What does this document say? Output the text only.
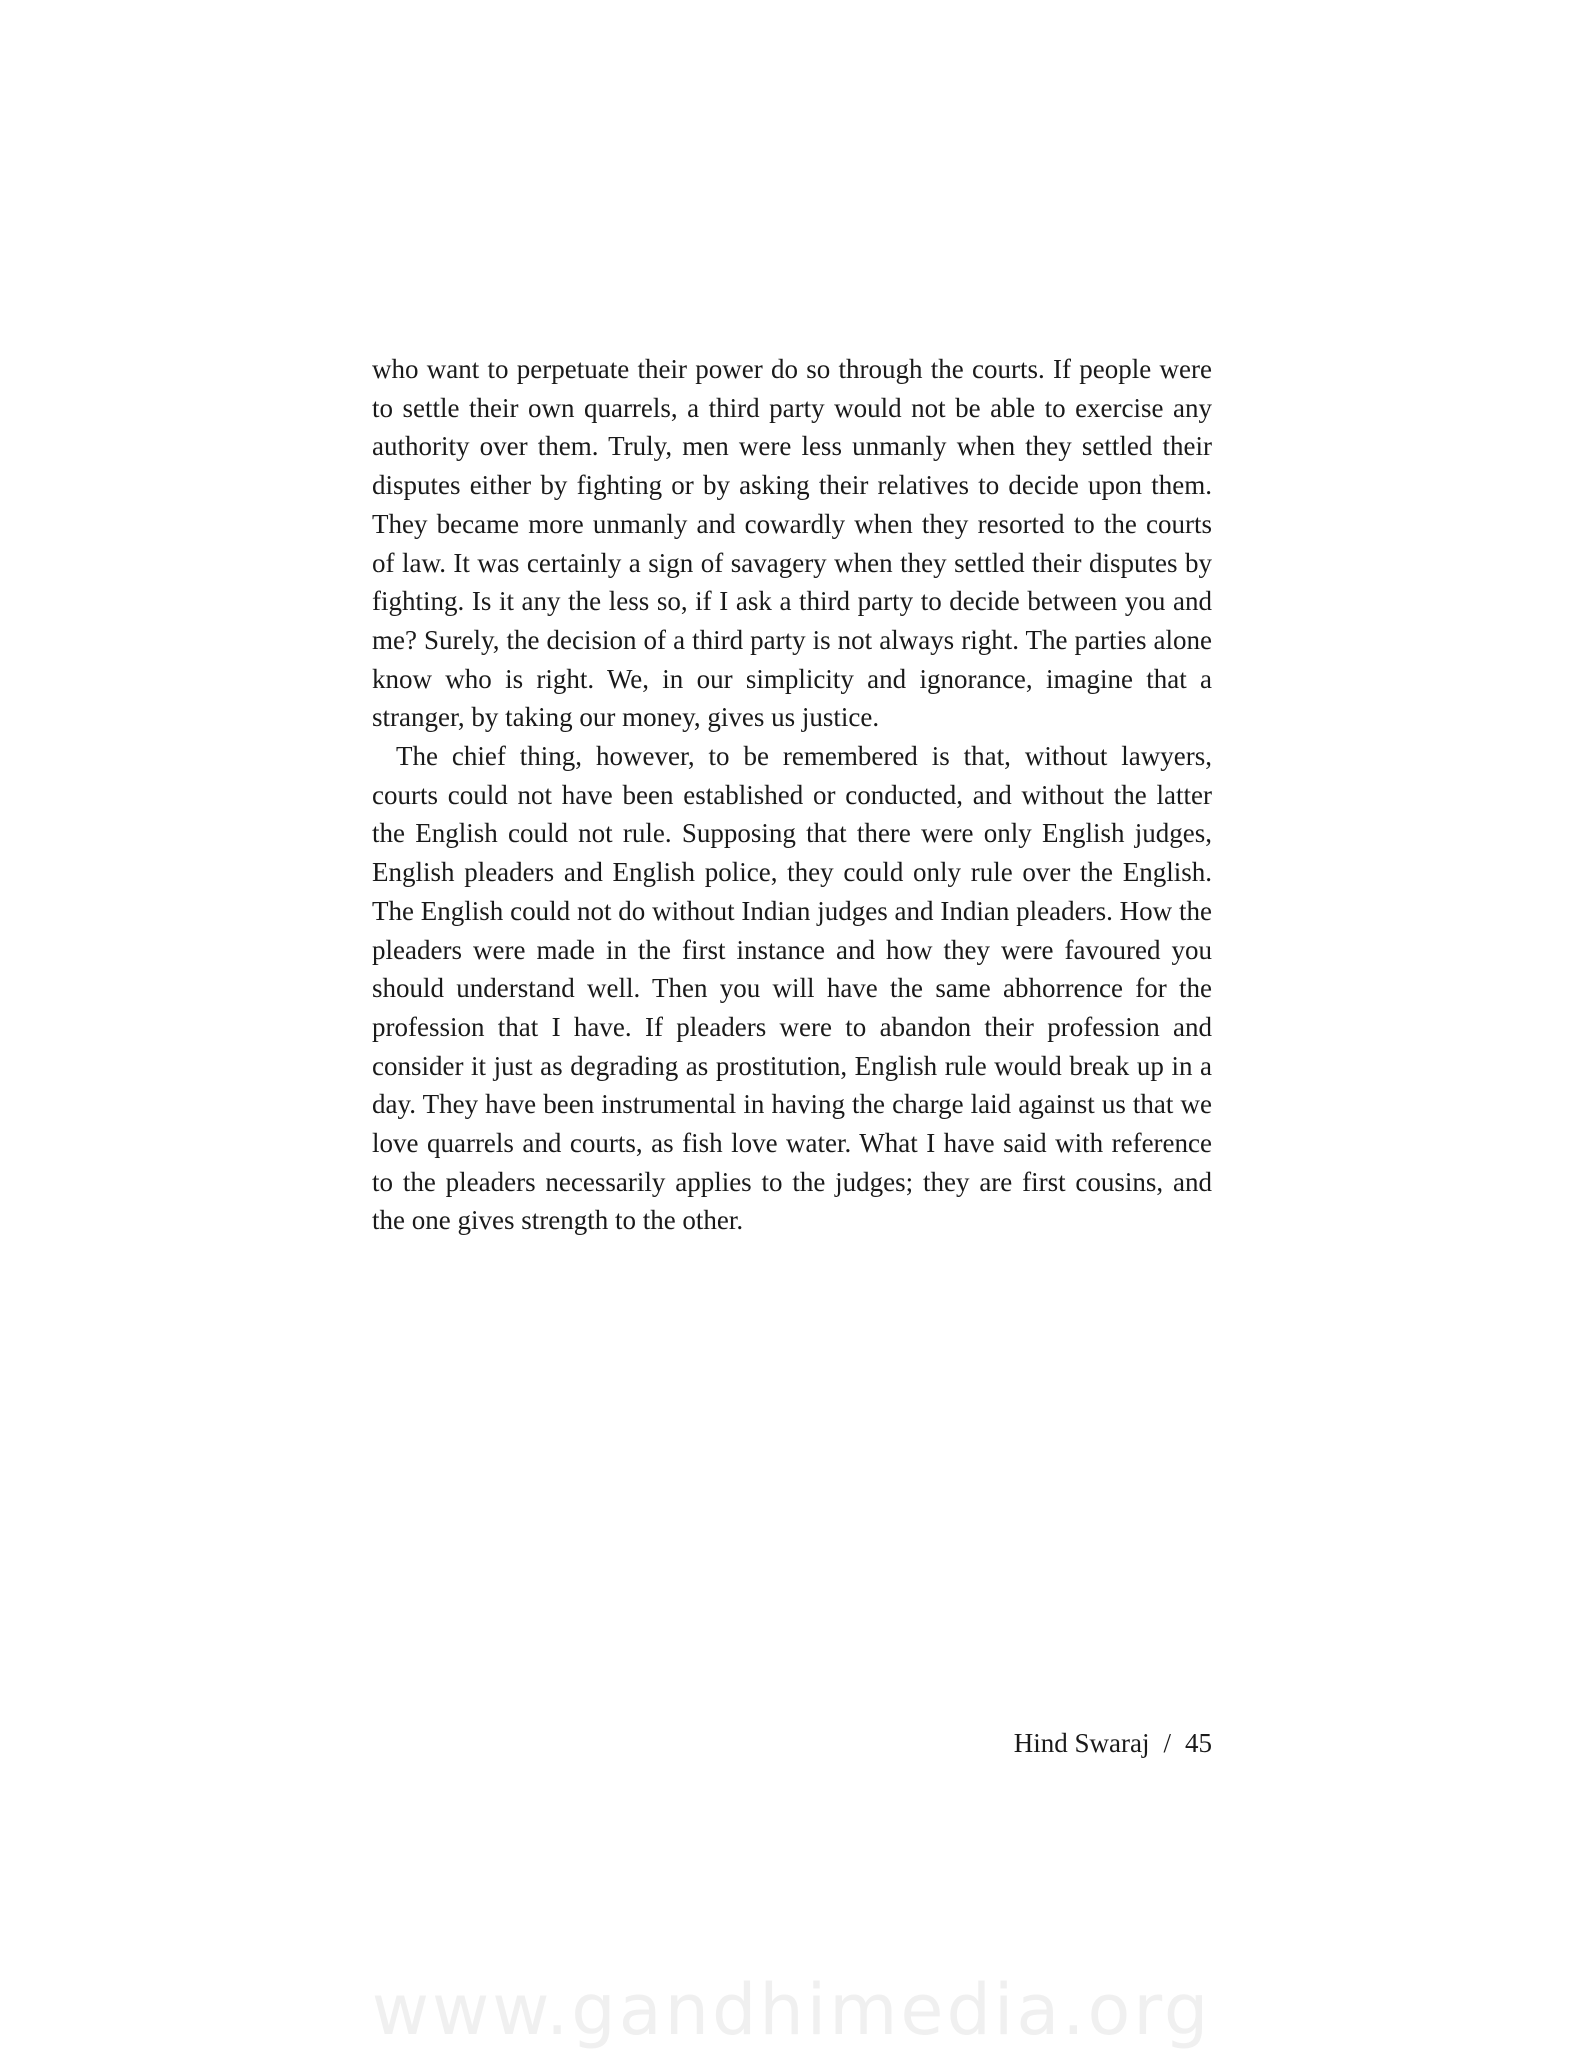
who want to perpetuate their power do so through the courts. If people were to settle their own quarrels, a third party would not be able to exercise any authority over them. Truly, men were less unmanly when they settled their disputes either by fighting or by asking their relatives to decide upon them. They became more unmanly and cowardly when they resorted to the courts of law. It was certainly a sign of savagery when they settled their disputes by fighting. Is it any the less so, if I ask a third party to decide between you and me? Surely, the decision of a third party is not always right. The parties alone know who is right. We, in our simplicity and ignorance, imagine that a stranger, by taking our money, gives us justice.

The chief thing, however, to be remembered is that, without lawyers, courts could not have been established or conducted, and without the latter the English could not rule. Supposing that there were only English judges, English pleaders and English police, they could only rule over the English. The English could not do without Indian judges and Indian pleaders. How the pleaders were made in the first instance and how they were favoured you should understand well. Then you will have the same abhorrence for the profession that I have. If pleaders were to abandon their profession and consider it just as degrading as prostitution, English rule would break up in a day. They have been instrumental in having the charge laid against us that we love quarrels and courts, as fish love water. What I have said with reference to the pleaders necessarily applies to the judges; they are first cousins, and the one gives strength to the other.

Hind Swaraj / 45
www.gandhimedia.org
